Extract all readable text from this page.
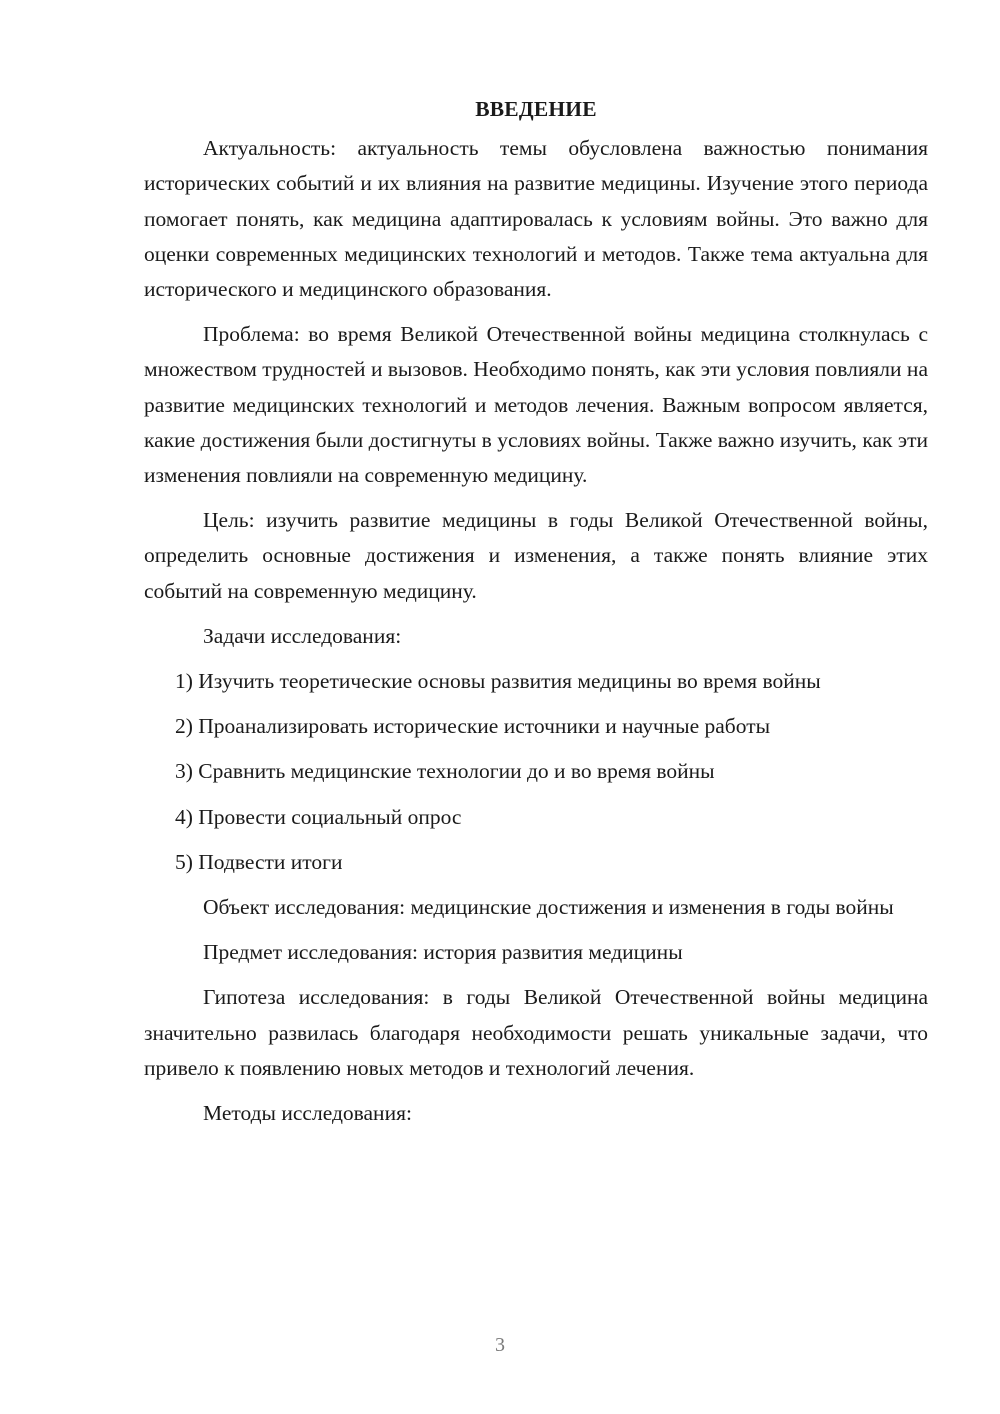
ВВЕДЕНИЕ

Актуальность: актуальность темы обусловлена важностью понимания исторических событий и их влияния на развитие медицины. Изучение этого периода помогает понять, как медицина адаптировалась к условиям войны. Это важно для оценки современных медицинских технологий и методов. Также тема актуальна для исторического и медицинского образования.

Проблема: во время Великой Отечественной войны медицина столкнулась с множеством трудностей и вызовов. Необходимо понять, как эти условия повлияли на развитие медицинских технологий и методов лечения. Важным вопросом является, какие достижения были достигнуты в условиях войны. Также важно изучить, как эти изменения повлияли на современную медицину.

Цель: изучить развитие медицины в годы Великой Отечественной войны, определить основные достижения и изменения, а также понять влияние этих событий на современную медицину.

Задачи исследования:

1) Изучить теоретические основы развития медицины во время войны
2) Проанализировать исторические источники и научные работы
3) Сравнить медицинские технологии до и во время войны
4) Провести социальный опрос
5) Подвести итоги

Объект исследования: медицинские достижения и изменения в годы войны

Предмет исследования: история развития медицины

Гипотеза исследования: в годы Великой Отечественной войны медицина значительно развилась благодаря необходимости решать уникальные задачи, что привело к появлению новых методов и технологий лечения.

Методы исследования:

3
